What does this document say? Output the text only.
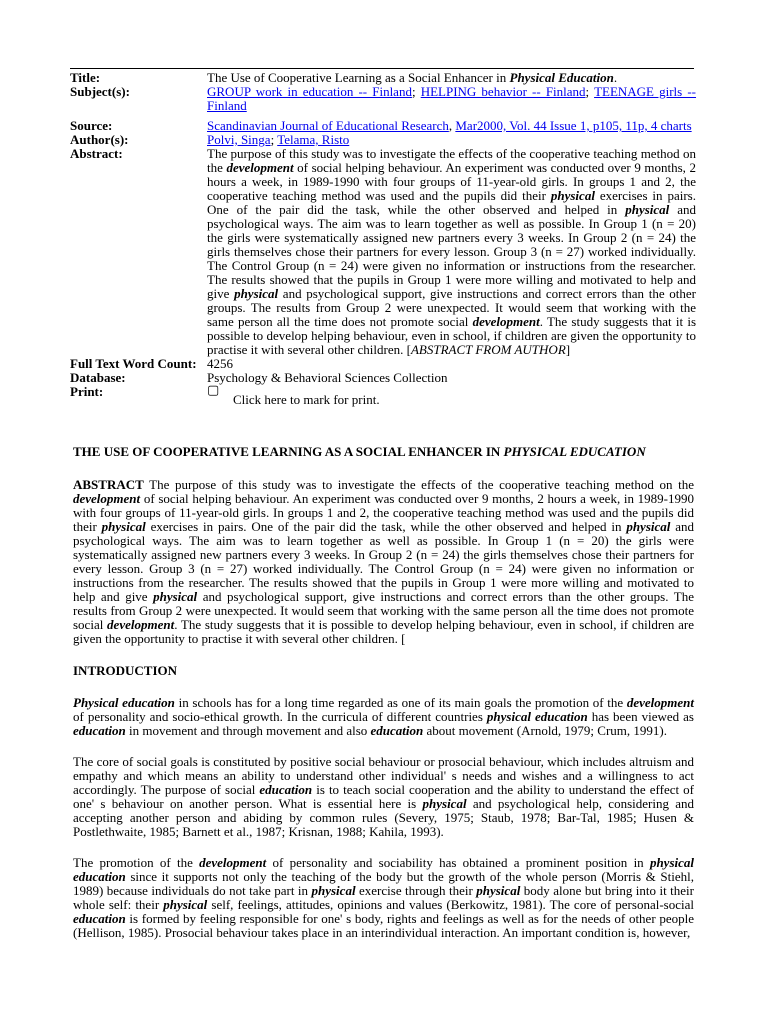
Title:	The Use of Cooperative Learning as a Social Enhancer in Physical Education.
Subject(s):	GROUP work in education -- Finland; HELPING behavior -- Finland; TEENAGE girls -- Finland

Source:	Scandinavian Journal of Educational Research, Mar2000, Vol. 44 Issue 1, p105, 11p, 4 charts
Author(s):	Polvi, Singa; Telama, Risto
Abstract:	The purpose of this study was to investigate the effects of the cooperative teaching method on the development of social helping behaviour. An experiment was conducted over 9 months, 2 hours a week, in 1989-1990 with four groups of 11-year-old girls. In groups 1 and 2, the cooperative teaching method was used and the pupils did their physical exercises in pairs. One of the pair did the task, while the other observed and helped in physical and psychological ways. The aim was to learn together as well as possible. In Group 1 (n = 20) the girls were systematically assigned new partners every 3 weeks. In Group 2 (n = 24) the girls themselves chose their partners for every lesson. Group 3 (n = 27) worked individually. The Control Group (n = 24) were given no information or instructions from the researcher. The results showed that the pupils in Group 1 were more willing and motivated to help and give physical and psychological support, give instructions and correct errors than the other groups. The results from Group 2 were unexpected. It would seem that working with the same person all the time does not promote social development. The study suggests that it is possible to develop helping behaviour, even in school, if children are given the opportunity to practise it with several other children. [ABSTRACT FROM AUTHOR]
Full Text Word Count:	4256
Database:	Psychology & Behavioral Sciences Collection
Print:	▢
Click here to mark for print.
THE USE OF COOPERATIVE LEARNING AS A SOCIAL ENHANCER IN PHYSICAL EDUCATION

ABSTRACT The purpose of this study was to investigate the effects of the cooperative teaching method on the development of social helping behaviour. An experiment was conducted over 9 months, 2 hours a week, in 1989-1990 with four groups of 11-year-old girls. In groups 1 and 2, the cooperative teaching method was used and the pupils did their physical exercises in pairs. One of the pair did the task, while the other observed and helped in physical and psychological ways. The aim was to learn together as well as possible. In Group 1 (n = 20) the girls were systematically assigned new partners every 3 weeks. In Group 2 (n = 24) the girls themselves chose their partners for every lesson. Group 3 (n = 27) worked individually. The Control Group (n = 24) were given no information or instructions from the researcher. The results showed that the pupils in Group 1 were more willing and motivated to help and give physical and psychological support, give instructions and correct errors than the other groups. The results from Group 2 were unexpected. It would seem that working with the same person all the time does not promote social development. The study suggests that it is possible to develop helping behaviour, even in school, if children are given the opportunity to practise it with several other children. [

INTRODUCTION

Physical education in schools has for a long time regarded as one of its main goals the promotion of the development of personality and socio-ethical growth. In the curricula of different countries physical education has been viewed as education in movement and through movement and also education about movement (Arnold, 1979; Crum, 1991).

The core of social goals is constituted by positive social behaviour or prosocial behaviour, which includes altruism and empathy and which means an ability to understand other individual' s needs and wishes and a willingness to act accordingly. The purpose of social education is to teach social cooperation and the ability to understand the effect of one' s behaviour on another person. What is essential here is physical and psychological help, considering and accepting another person and abiding by common rules (Severy, 1975; Staub, 1978; Bar-Tal, 1985; Husen & Postlethwaite, 1985; Barnett et al., 1987; Krisnan, 1988; Kahila, 1993).

The promotion of the development of personality and sociability has obtained a prominent position in physical education since it supports not only the teaching of the body but the growth of the whole person (Morris & Stiehl, 1989) because individuals do not take part in physical exercise through their physical body alone but bring into it their whole self: their physical self, feelings, attitudes, opinions and values (Berkowitz, 1981). The core of personal-social education is formed by feeling responsible for one' s body, rights and feelings as well as for the needs of other people (Hellison, 1985). Prosocial behaviour takes place in an interindividual interaction. An important condition is, however,
